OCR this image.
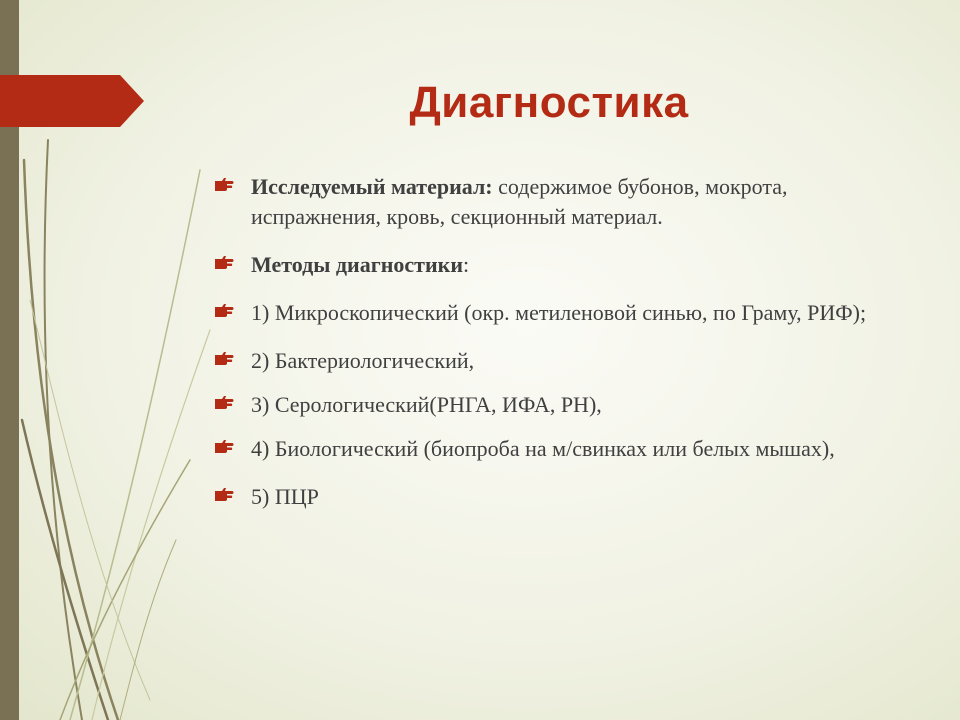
Диагностика
Исследуемый материал: содержимое бубонов, мокрота, испражнения, кровь, секционный материал.
Методы диагностики:
1) Микроскопический (окр. метиленовой синью, по Граму, РИФ);
2) Бактериологический,
3) Серологический(РНГА, ИФА, РН),
4) Биологический (биопроба на м/свинках или белых мышах),
5) ПЦР
